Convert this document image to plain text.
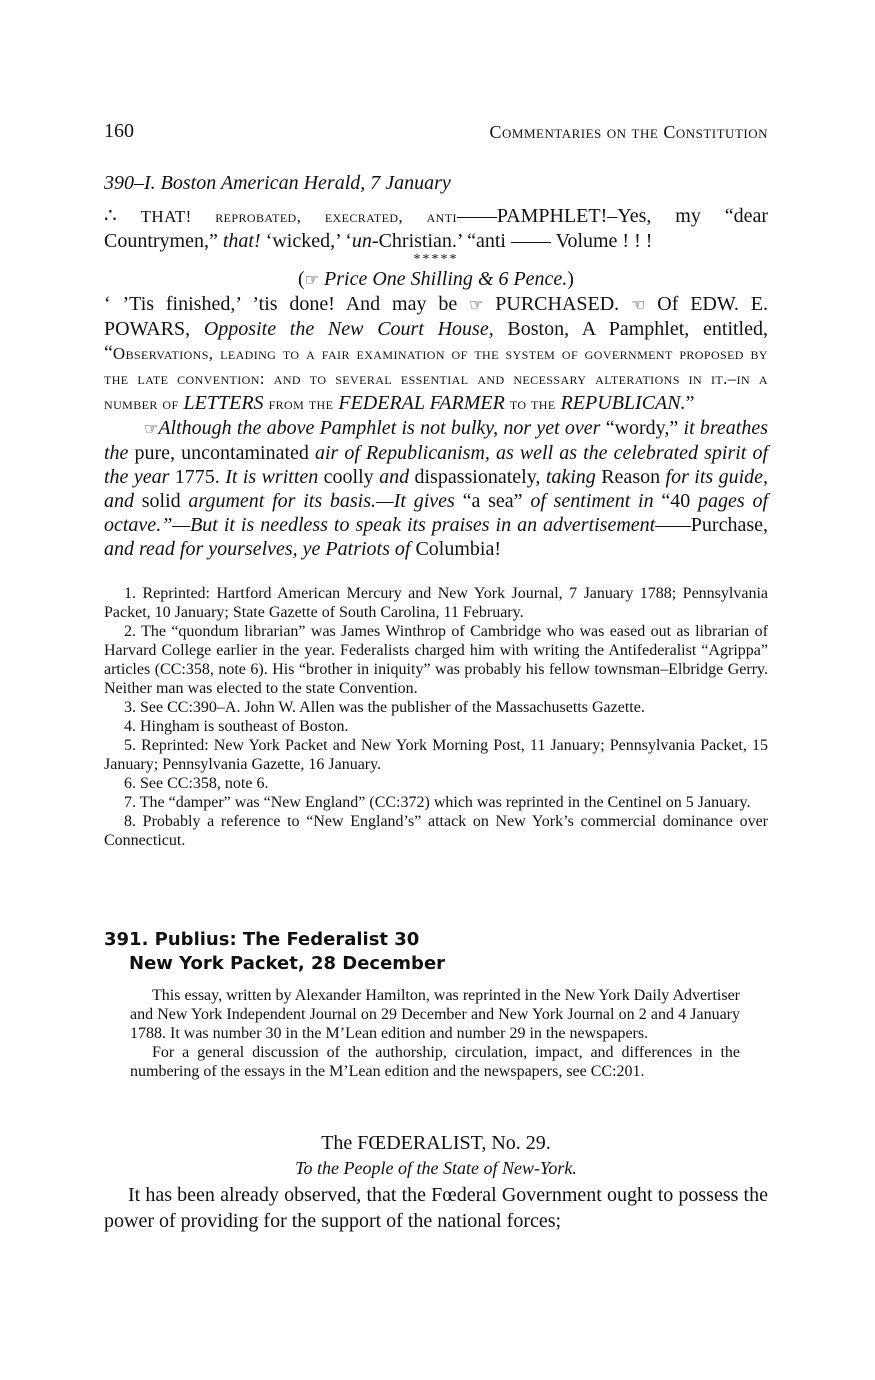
160	Commentaries on the Constitution
390–I. Boston American Herald, 7 January

∴ THAT! reprobated, execrated, anti——PAMPHLET!–Yes, my “dear Countrymen,” that! ‘wicked,’ ‘un-Christian.’ “anti —— Volume ! ! !

*****

(☞ Price One Shilling & 6 Pence.)

‘ ’Tis finished,’ ’tis done! And may be ☞ PURCHASED. ☜ Of EDW. E. POWARS, Opposite the New Court House, Boston, A Pamphlet, entitled, “Observations, leading to a fair examination of the system of government proposed by the late convention: and to several essential and necessary alterations in it.–in a number of LETTERS from the FEDERAL FARMER to the REPUBLICAN.”

☞Although the above Pamphlet is not bulky, nor yet over “wordy,” it breathes the pure, uncontaminated air of Republicanism, as well as the celebrated spirit of the year 1775. It is written coolly and dispassionately, taking Reason for its guide, and solid argument for its basis.—It gives “a sea” of sentiment in “40 pages of octave.”—But it is needless to speak its praises in an advertisement——Purchase, and read for yourselves, ye Patriots of Columbia!

1. Reprinted: Hartford American Mercury and New York Journal, 7 January 1788; Pennsylvania Packet, 10 January; State Gazette of South Carolina, 11 February.

2. The “quondum librarian” was James Winthrop of Cambridge who was eased out as librarian of Harvard College earlier in the year. Federalists charged him with writing the Antifederalist “Agrippa” articles (CC:358, note 6). His “brother in iniquity” was probably his fellow townsman–Elbridge Gerry. Neither man was elected to the state Convention.

3. See CC:390–A. John W. Allen was the publisher of the Massachusetts Gazette.

4. Hingham is southeast of Boston.

5. Reprinted: New York Packet and New York Morning Post, 11 January; Pennsylvania Packet, 15 January; Pennsylvania Gazette, 16 January.

6. See CC:358, note 6.

7. The “damper” was “New England” (CC:372) which was reprinted in the Centinel on 5 January.

8. Probably a reference to “New England’s” attack on New York’s commercial dominance over Connecticut.

391. Publius: The Federalist 30
New York Packet, 28 December

This essay, written by Alexander Hamilton, was reprinted in the New York Daily Advertiser and New York Independent Journal on 29 December and New York Journal on 2 and 4 January 1788. It was number 30 in the M’Lean edition and number 29 in the newspapers.

For a general discussion of the authorship, circulation, impact, and differences in the numbering of the essays in the M’Lean edition and the newspapers, see CC:201.

The FŒDERALIST, No. 29.
To the People of the State of New-York.

It has been already observed, that the Fœderal Government ought to possess the power of providing for the support of the national forces;
